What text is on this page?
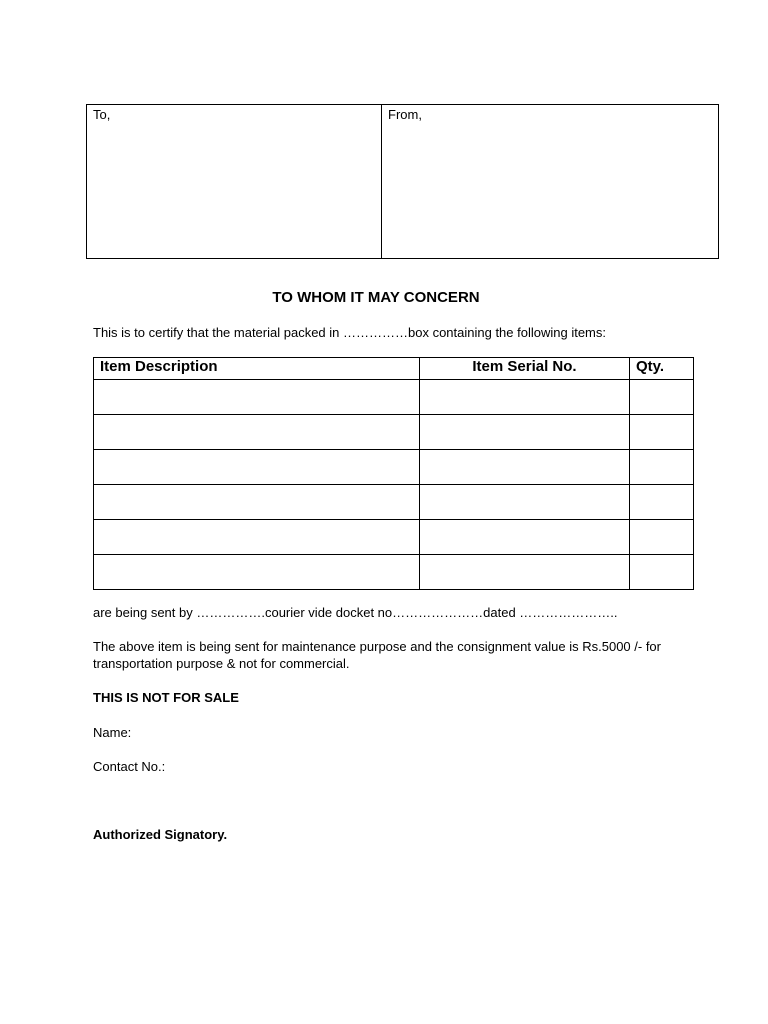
To,	From,
TO WHOM IT MAY CONCERN
This is to certify that the material packed in ……………box containing the following items:
Item Description	Item Serial No.	Qty.

are being sent by …………….courier vide docket no…………………dated …………………..
The above item is being sent for maintenance purpose and the consignment value is Rs.5000 /- for transportation purpose & not for commercial.
THIS IS NOT FOR SALE
Name:
Contact No.:
Authorized Signatory.
